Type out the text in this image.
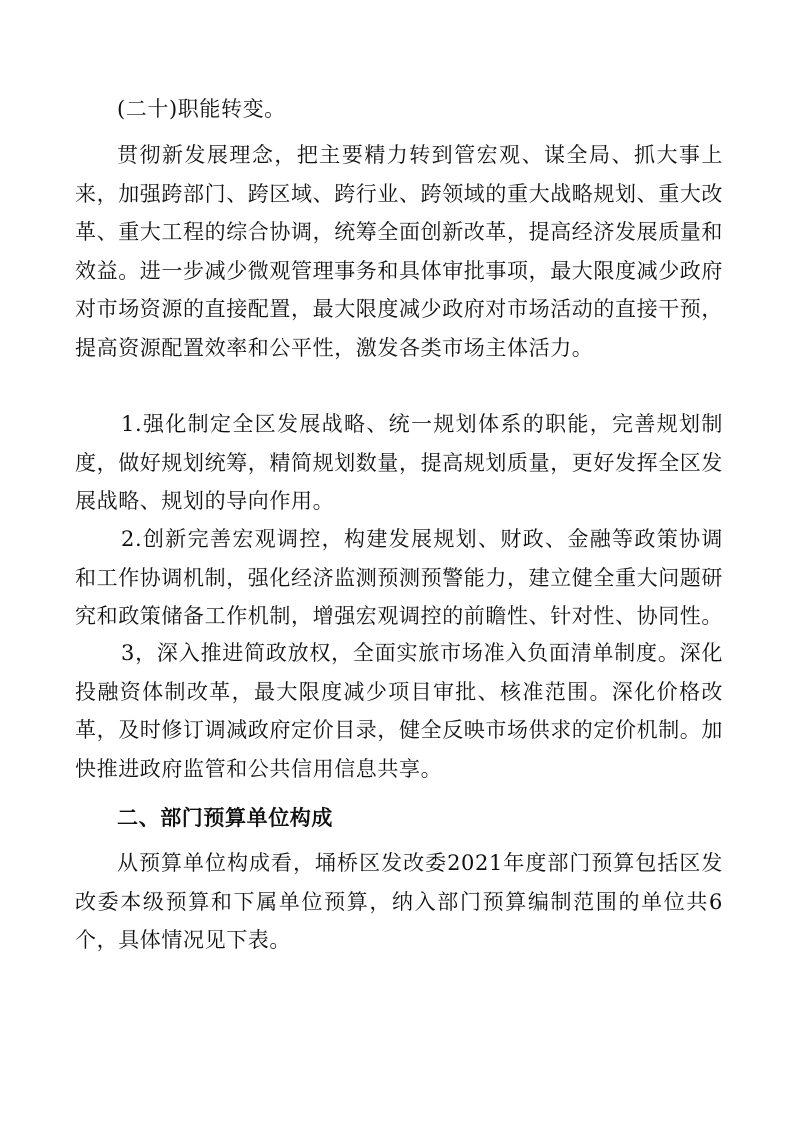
(二十)职能转变。

贯彻新发展理念，把主要精力转到管宏观、谋全局、抓大事上来，加强跨部门、跨区域、跨行业、跨领域的重大战略规划、重大改革、重大工程的综合协调，统筹全面创新改革，提高经济发展质量和效益。进一步减少微观管理事务和具体审批事项，最大限度减少政府对市场资源的直接配置，最大限度减少政府对市场活动的直接干预，提高资源配置效率和公平性，激发各类市场主体活力。

1.强化制定全区发展战略、统一规划体系的职能，完善规划制度，做好规划统筹，精简规划数量，提高规划质量，更好发挥全区发展战略、规划的导向作用。

2.创新完善宏观调控，构建发展规划、财政、金融等政策协调和工作协调机制，强化经济监测预测预警能力，建立健全重大问题研究和政策储备工作机制，增强宏观调控的前瞻性、针对性、协同性。

3，深入推进简政放权，全面实旅市场准入负面清单制度。深化投融资体制改革，最大限度减少项目审批、核准范围。深化价格改革，及时修订调减政府定价目录，健全反映市场供求的定价机制。加快推进政府监管和公共信用信息共享。

二、部门预算单位构成

从预算单位构成看，埇桥区发改委2021年度部门预算包括区发改委本级预算和下属单位预算，纳入部门预算编制范围的单位共6个，具体情况见下表。
